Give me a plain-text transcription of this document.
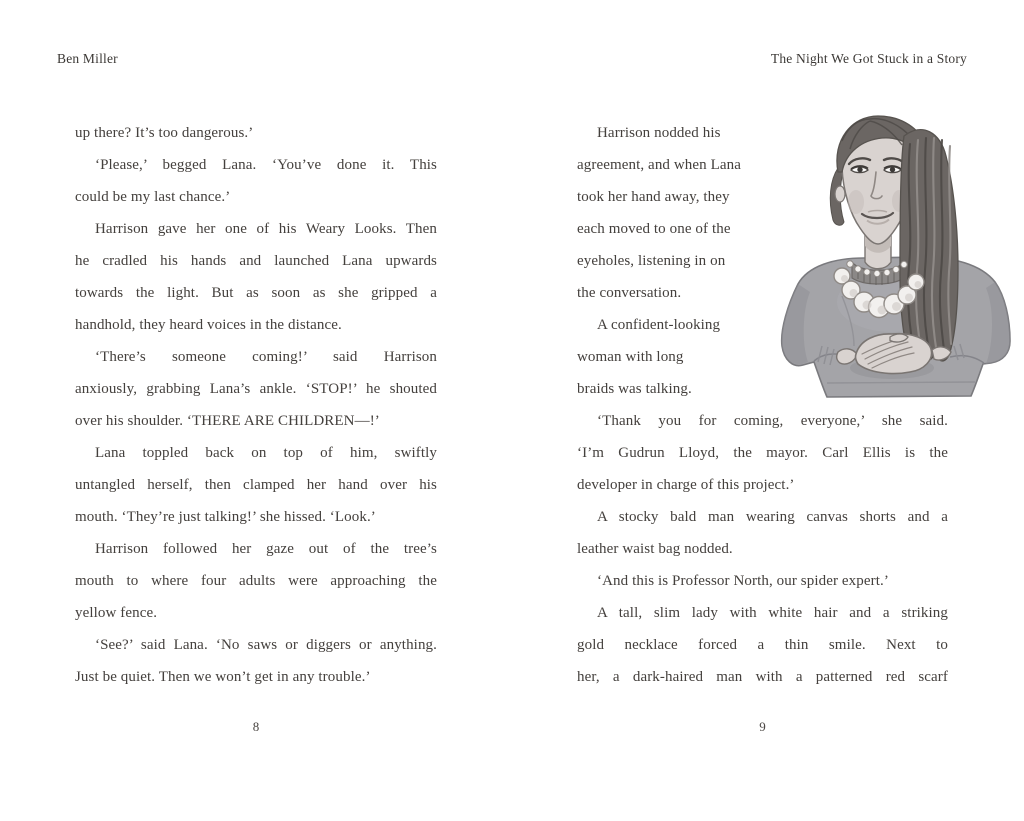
Ben Miller	The Night We Got Stuck in a Story
up there? It’s too dangerous.’
‘Please,’ begged Lana. ‘You’ve done it. This
could be my last chance.’
Harrison gave her one of his Weary Looks. Then
he cradled his hands and launched Lana upwards
towards the light. But as soon as she gripped a
handhold, they heard voices in the distance.
‘There’s someone coming!’ said Harrison
anxiously, grabbing Lana’s ankle. ‘STOP!’ he shouted
over his shoulder. ‘THERE ARE CHILDREN—!’
Lana toppled back on top of him, swiftly
untangled herself, then clamped her hand over his
mouth. ‘They’re just talking!’ she hissed. ‘Look.’
Harrison followed her gaze out of the tree’s
mouth to where four adults were approaching the
yellow fence.
‘See?’ said Lana. ‘No saws or diggers or anything.
Just be quiet. Then we won’t get in any trouble.’
Harrison nodded his
agreement, and when Lana
took her hand away, they
each moved to one of the
eyeholes, listening in on
the conversation.
A confident-looking
woman with long
braids was talking.
‘Thank you for coming, everyone,’ she said.
‘I’m Gudrun Lloyd, the mayor. Carl Ellis is the
developer in charge of this project.’
A stocky bald man wearing canvas shorts and a
leather waist bag nodded.
‘And this is Professor North, our spider expert.’
A tall, slim lady with white hair and a striking
gold necklace forced a thin smile. Next to
her, a dark-haired man with a patterned red scarf
8	9
